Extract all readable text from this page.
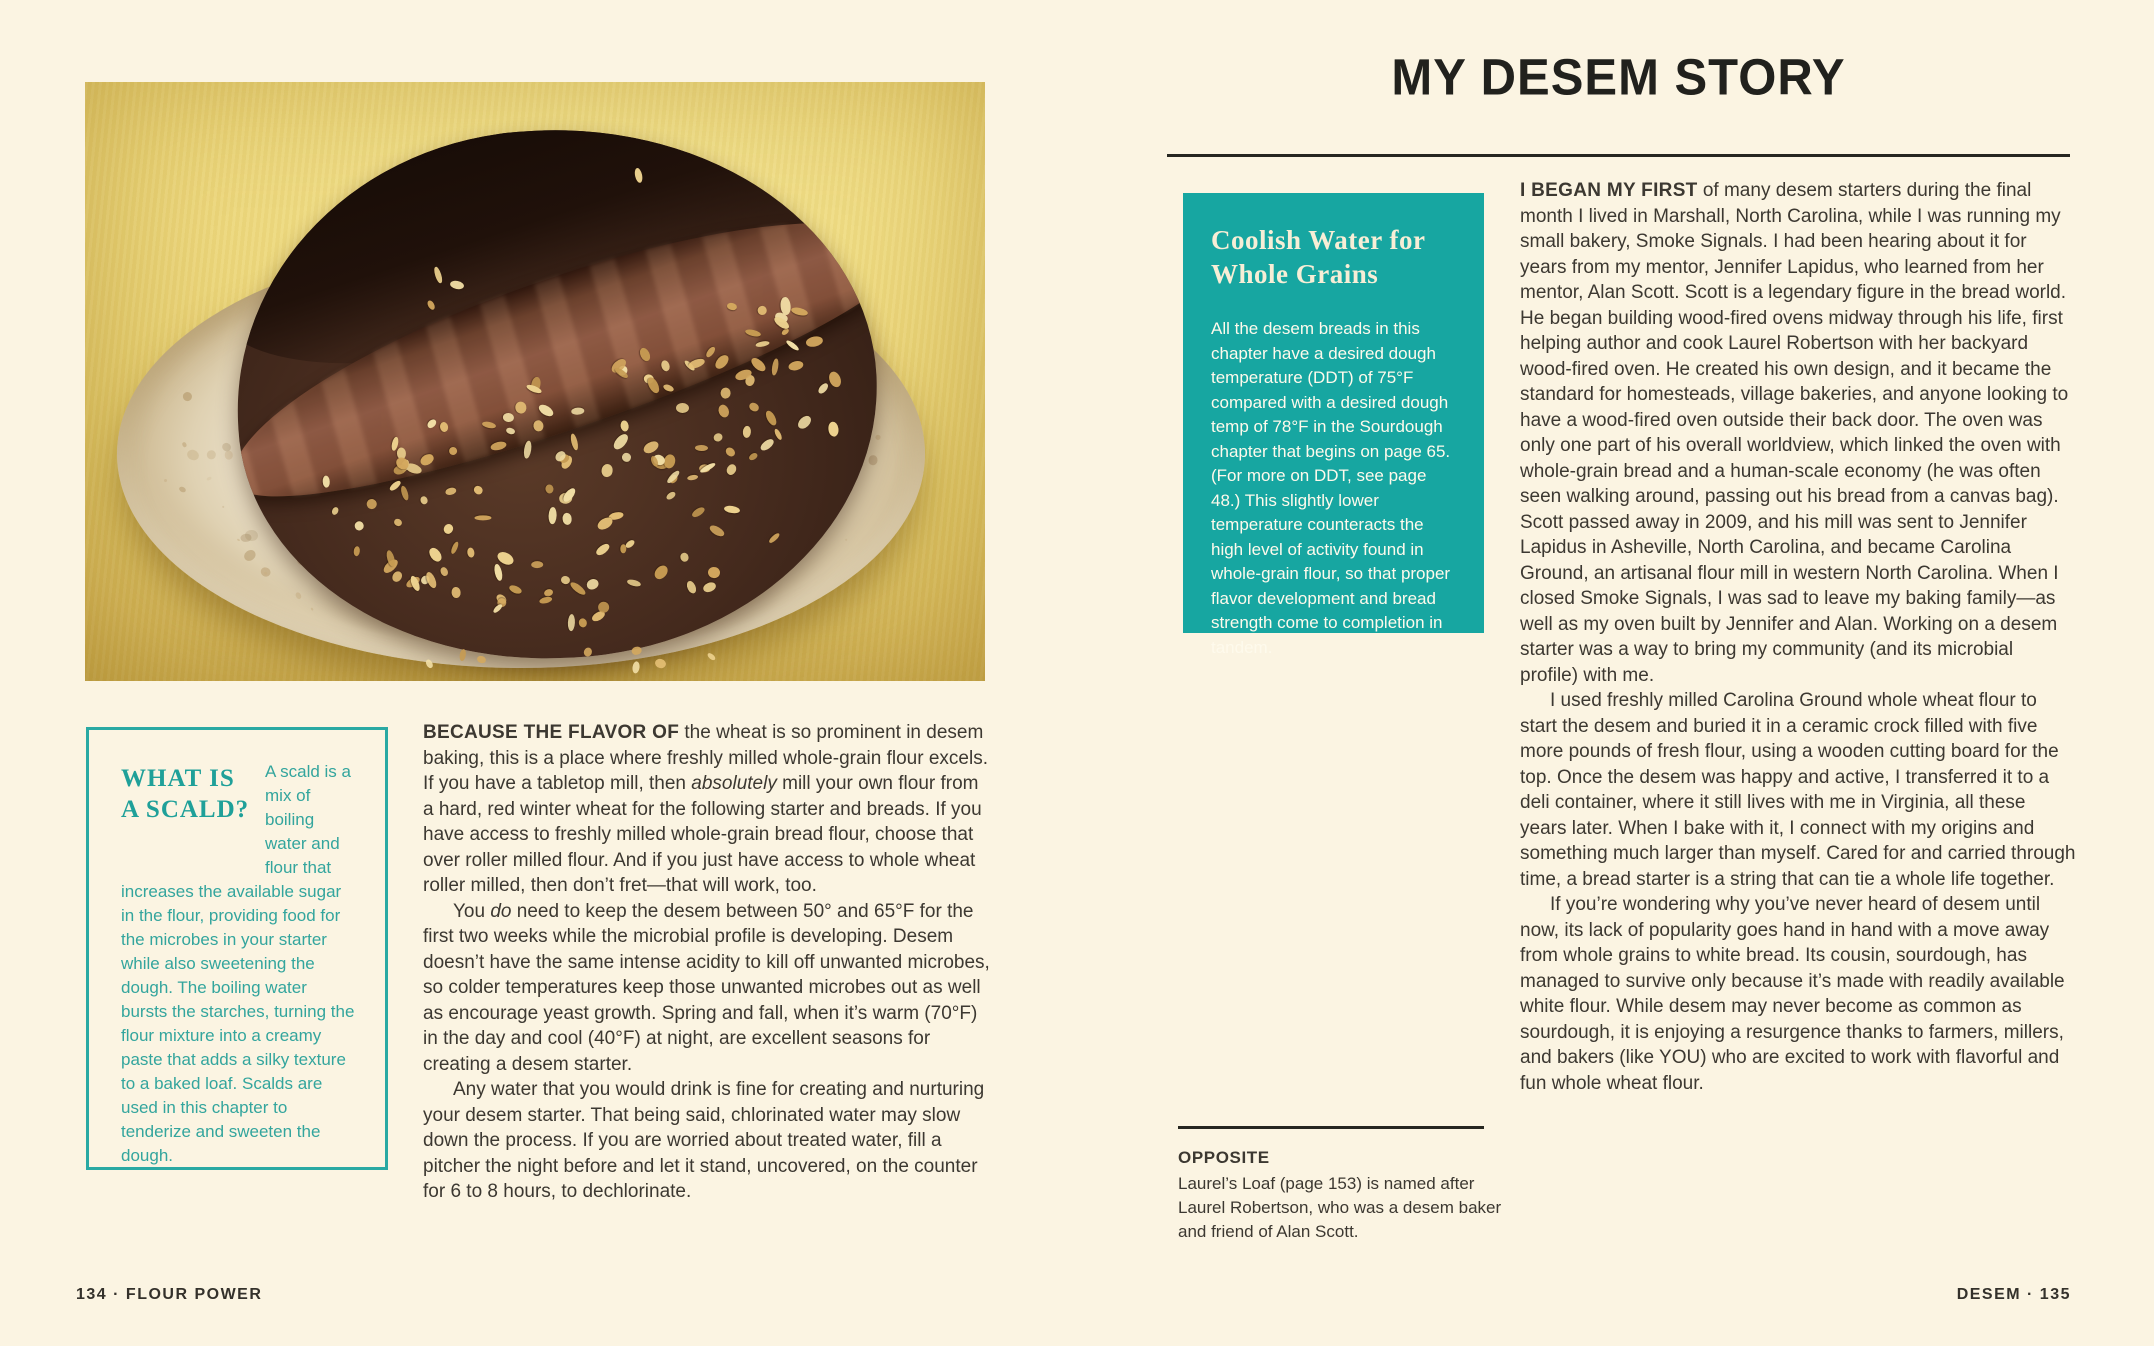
WHAT IS
A SCALD?

A scald is a mix of boiling water and flour that increases the available sugar in the flour, providing food for the microbes in your starter while also sweetening the dough. The boiling water bursts the starches, turning the flour mixture into a creamy paste that adds a silky texture to a baked loaf. Scalds are used in this chapter to tenderize and sweeten the dough.

BECAUSE THE FLAVOR OF the wheat is so prominent in desem baking, this is a place where freshly milled whole-grain flour excels. If you have a tabletop mill, then absolutely mill your own flour from a hard, red winter wheat for the following starter and breads. If you have access to freshly milled whole-grain bread flour, choose that over roller milled flour. And if you just have access to whole wheat roller milled, then don’t fret—that will work, too.

You do need to keep the desem between 50° and 65°F for the first two weeks while the microbial profile is developing. Desem doesn’t have the same intense acidity to kill off unwanted microbes, so colder temperatures keep those unwanted microbes out as well as encourage yeast growth. Spring and fall, when it’s warm (70°F) in the day and cool (40°F) at night, are excellent seasons for creating a desem starter.

Any water that you would drink is fine for creating and nurturing your desem starter. That being said, chlorinated water may slow down the process. If you are worried about treated water, fill a pitcher the night before and let it stand, uncovered, on the counter for 6 to 8 hours, to dechlorinate.

134 · FLOUR POWER
MY DESEM STORY
Coolish Water for
Whole Grains

All the desem breads in this chapter have a desired dough temperature (DDT) of 75°F compared with a desired dough temp of 78°F in the Sourdough chapter that begins on page 65. (For more on DDT, see page 48.) This slightly lower temperature counteracts the high level of activity found in whole-grain flour, so that proper flavor development and bread strength come to completion in tandem.

I BEGAN MY FIRST of many desem starters during the final month I lived in Marshall, North Carolina, while I was running my small bakery, Smoke Signals. I had been hearing about it for years from my mentor, Jennifer Lapidus, who learned from her mentor, Alan Scott. Scott is a legendary figure in the bread world. He began building wood-fired ovens midway through his life, first helping author and cook Laurel Robertson with her backyard wood-fired oven. He created his own design, and it became the standard for homesteads, village bakeries, and anyone looking to have a wood-fired oven outside their back door. The oven was only one part of his overall worldview, which linked the oven with whole-grain bread and a human-scale economy (he was often seen walking around, passing out his bread from a canvas bag). Scott passed away in 2009, and his mill was sent to Jennifer Lapidus in Asheville, North Carolina, and became Carolina Ground, an artisanal flour mill in western North Carolina. When I closed Smoke Signals, I was sad to leave my baking family—as well as my oven built by Jennifer and Alan. Working on a desem starter was a way to bring my community (and its microbial profile) with me.

I used freshly milled Carolina Ground whole wheat flour to start the desem and buried it in a ceramic crock filled with five more pounds of fresh flour, using a wooden cutting board for the top. Once the desem was happy and active, I transferred it to a deli container, where it still lives with me in Virginia, all these years later. When I bake with it, I connect with my origins and something much larger than myself. Cared for and carried through time, a bread starter is a string that can tie a whole life together.

If you’re wondering why you’ve never heard of desem until now, its lack of popularity goes hand in hand with a move away from whole grains to white bread. Its cousin, sourdough, has managed to survive only because it’s made with readily available white flour. While desem may never become as common as sourdough, it is enjoying a resurgence thanks to farmers, millers, and bakers (like YOU) who are excited to work with flavorful and fun whole wheat flour.

OPPOSITE
Laurel’s Loaf (page 153) is named after Laurel Robertson, who was a desem baker and friend of Alan Scott.
DESEM · 135
